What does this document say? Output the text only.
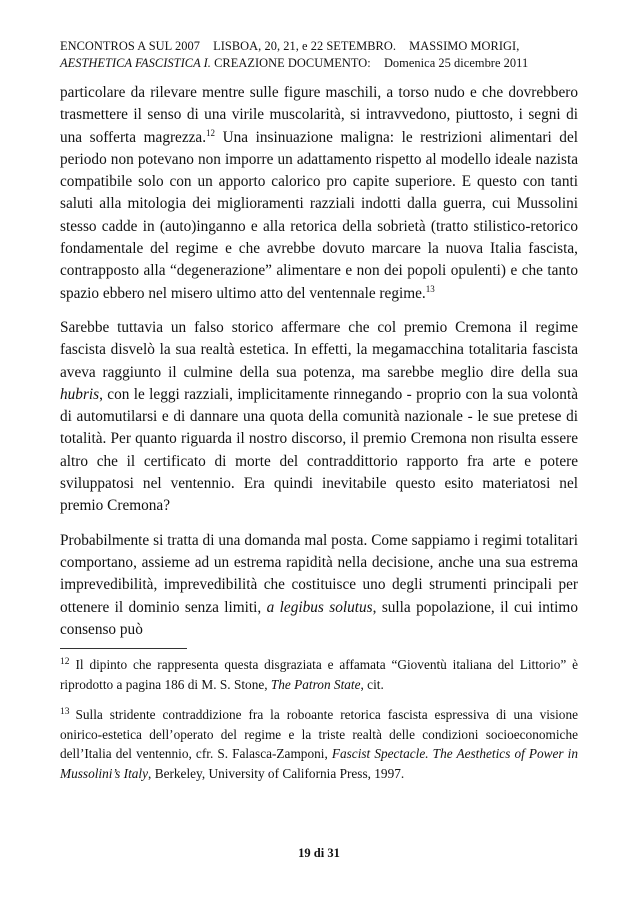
ENCONTROS A SUL 2007 LISBOA, 20, 21, e 22 SETEMBRO. MASSIMO MORIGI,
AESTHETICA FASCISTICA I. CREAZIONE DOCUMENTO: Domenica 25 dicembre 2011

particolare da rilevare mentre sulle figure maschili, a torso nudo e che dovrebbero trasmettere il senso di una virile muscolarità, si intravvedono, piuttosto, i segni di una sofferta magrezza.$^{12}$ Una insinuazione maligna: le restrizioni alimentari del periodo non potevano non imporre un adattamento rispetto al modello ideale nazista compatibile solo con un apporto calorico pro capite superiore. E questo con tanti saluti alla mitologia dei miglioramenti razziali indotti dalla guerra, cui Mussolini stesso cadde in (auto)inganno e alla retorica della sobrietà (tratto stilistico-retorico fondamentale del regime e che avrebbe dovuto marcare la nuova Italia fascista, contrapposto alla “degenerazione” alimentare e non dei popoli opulenti) e che tanto spazio ebbero nel misero ultimo atto del ventennale regime.$^{13}$

Sarebbe tuttavia un falso storico affermare che col premio Cremona il regime fascista disvelò la sua realtà estetica. In effetti, la megamacchina totalitaria fascista aveva raggiunto il culmine della sua potenza, ma sarebbe meglio dire della sua hubris, con le leggi razziali, implicitamente rinnegando - proprio con la sua volontà di automutilarsi e di dannare una quota della comunità nazionale - le sue pretese di totalità. Per quanto riguarda il nostro discorso, il premio Cremona non risulta essere altro che il certificato di morte del contraddittorio rapporto fra arte e potere sviluppatosi nel ventennio. Era quindi inevitabile questo esito materiatosi nel premio Cremona?

Probabilmente si tratta di una domanda mal posta. Come sappiamo i regimi totalitari comportano, assieme ad un estrema rapidità nella decisione, anche una sua estrema imprevedibilità, imprevedibilità che costituisce uno degli strumenti principali per ottenere il dominio senza limiti, a legibus solutus, sulla popolazione, il cui intimo consenso può

$^{12}$ Il dipinto che rappresenta questa disgraziata e affamata “Gioventù italiana del Littorio” è riprodotto a pagina 186 di M. S. Stone, The Patron State, cit.

$^{13}$ Sulla stridente contraddizione fra la roboante retorica fascista espressiva di una visione onirico-estetica dell’operato del regime e la triste realtà delle condizioni socioeconomiche dell’Italia del ventennio, cfr. S. Falasca-Zamponi, Fascist Spectacle. The Aesthetics of Power in Mussolini’s Italy, Berkeley, University of California Press, 1997.

19 di 31
